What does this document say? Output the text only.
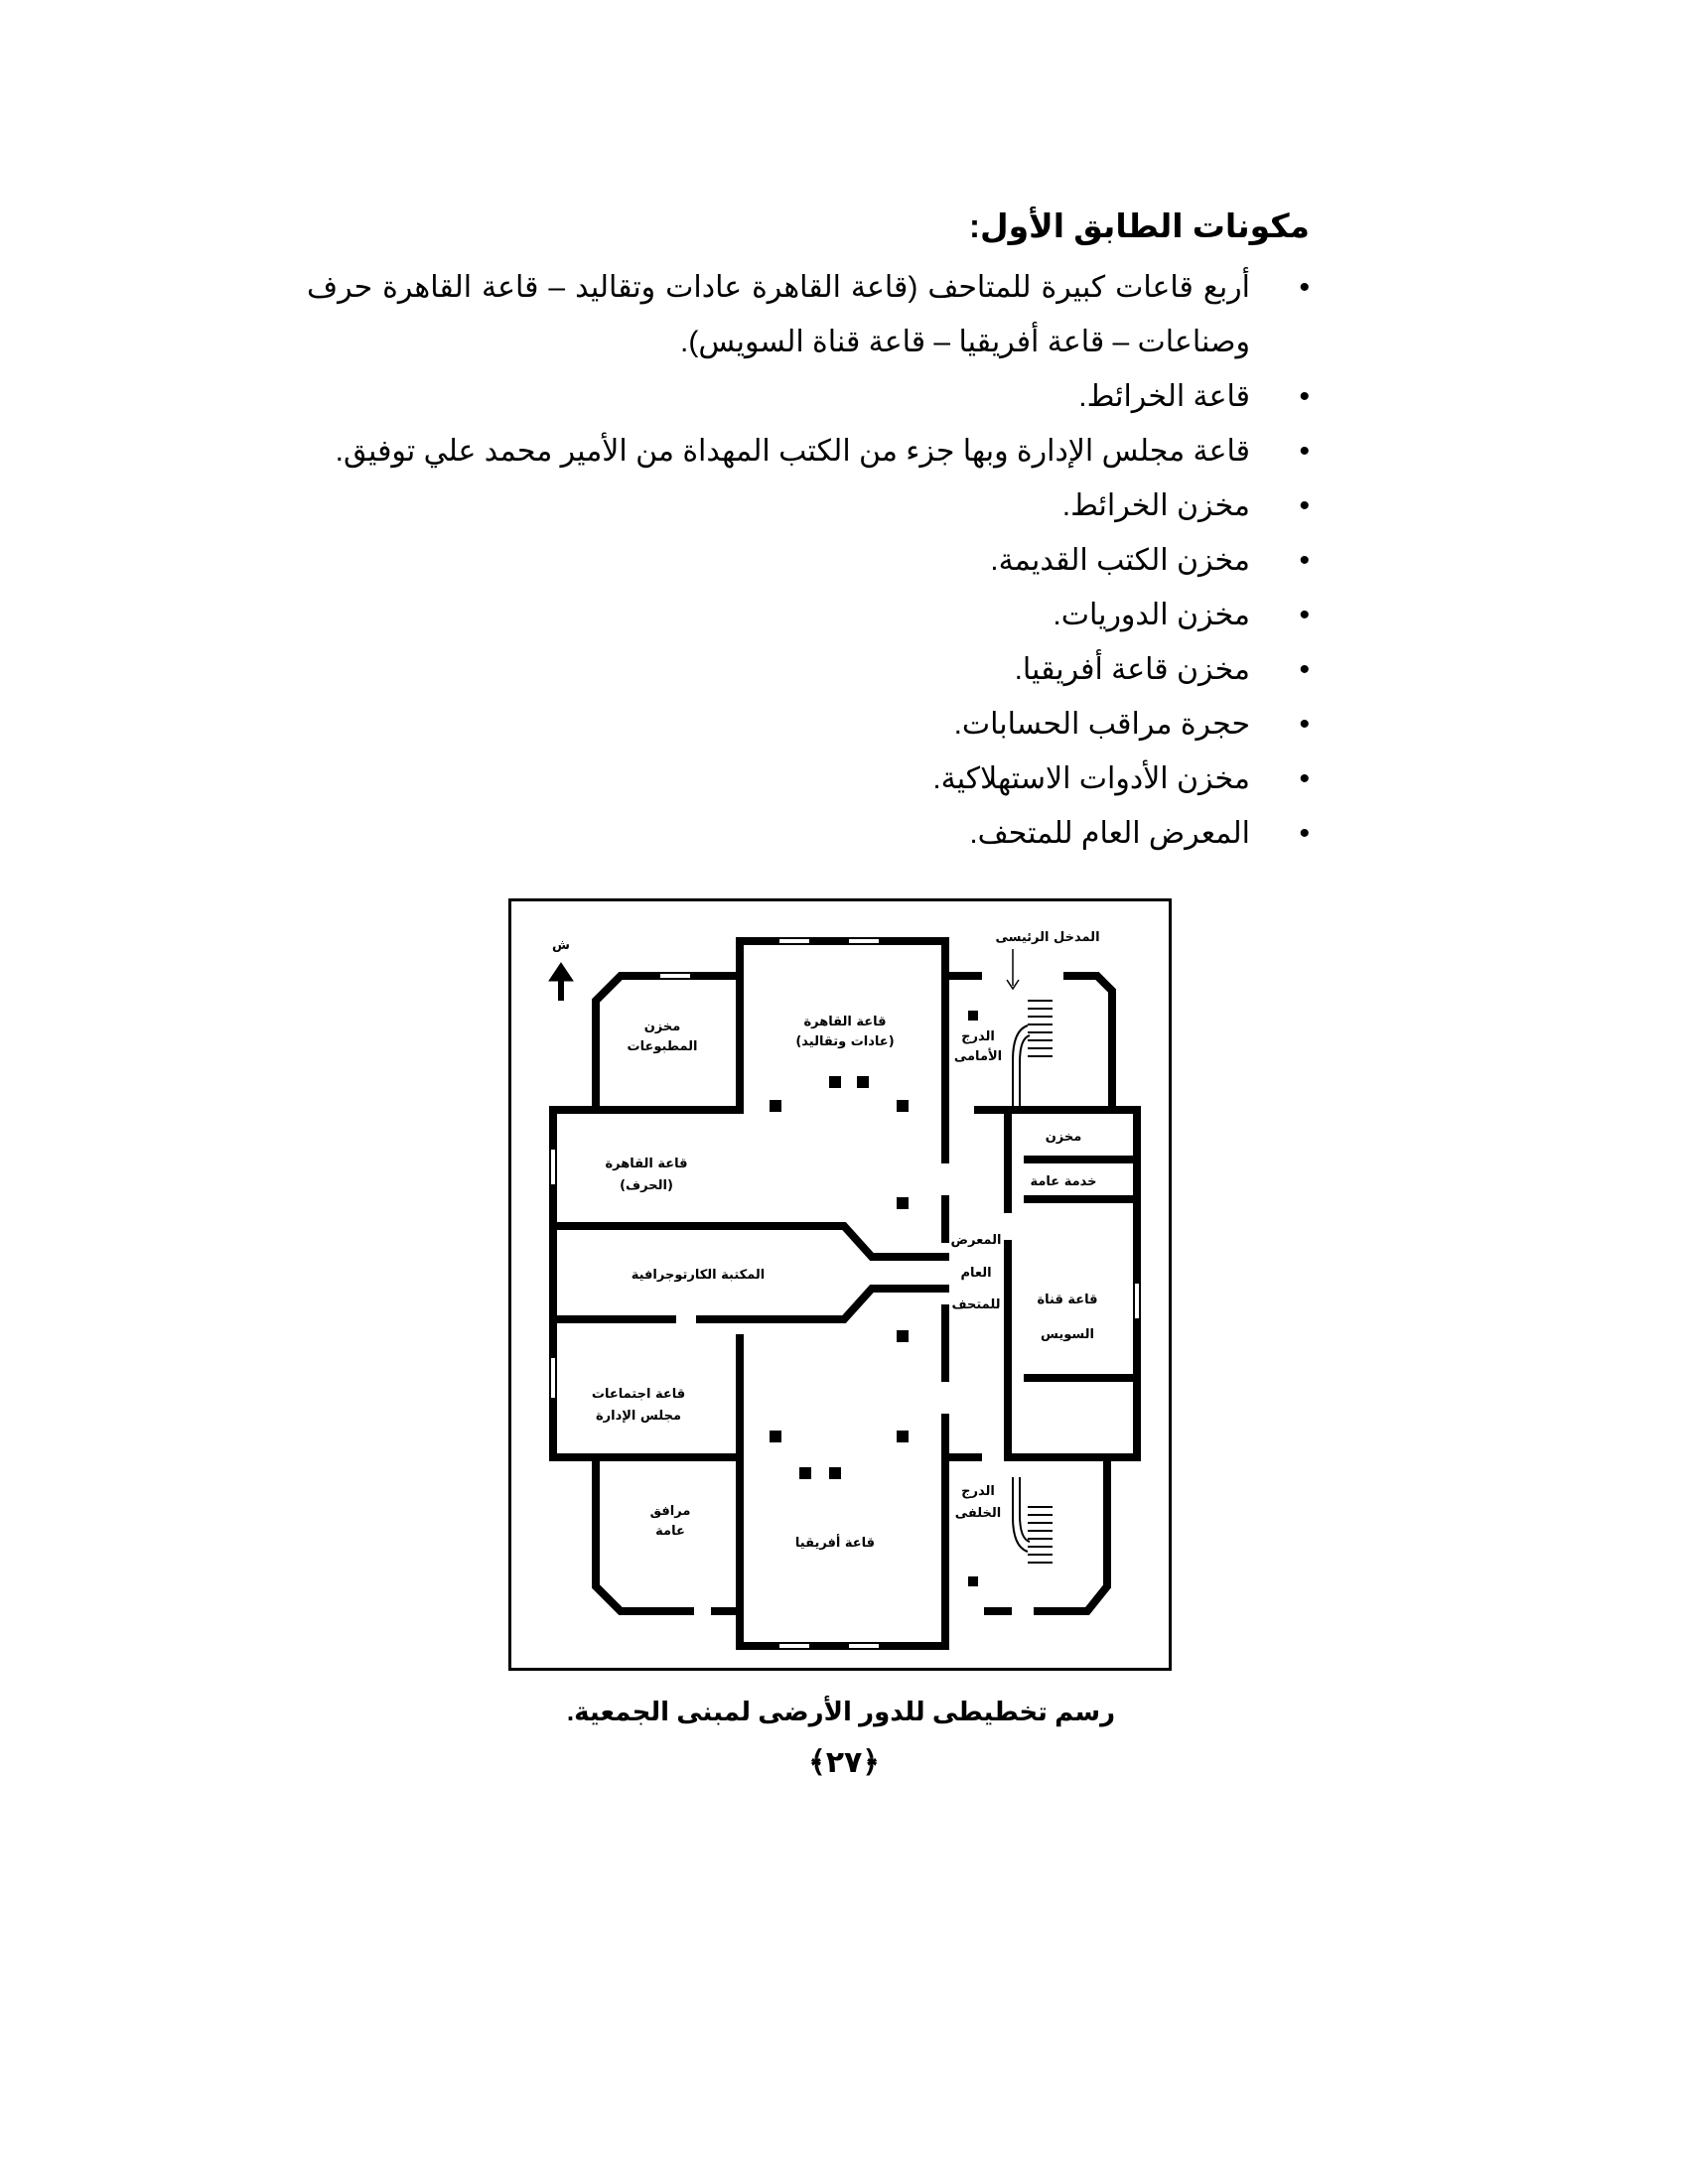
مكونات الطابق الأول:
• أربع قاعات كبيرة للمتاحف (قاعة القاهرة عادات وتقاليد – قاعة القاهرة حرف وصناعات – قاعة أفريقيا – قاعة قناة السويس).
• قاعة الخرائط.
• قاعة مجلس الإدارة وبها جزء من الكتب المهداة من الأمير محمد علي توفيق.
• مخزن الخرائط.
• مخزن الكتب القديمة.
• مخزن الدوريات.
• مخزن قاعة أفريقيا.
• حجرة مراقب الحسابات.
• مخزن الأدوات الاستهلاكية.
• المعرض العام للمتحف.
ش
المدخل الرئيسى
مخزن
المطبوعات
قاعة القاهرة
(عادات وتقاليد)	الدرج
الأمامى
مخزن
خدمة عامة
قاعة القاهرة
(الحرف)
المعرض
العام
للمتحف
المكتبة الكارتوجرافية
قاعة قناة
السويس
قاعة اجتماعات
مجلس الإدارة
مرافق
عامة
الدرج
الخلفى
قاعة أفريقيا
رسم تخطيطى للدور الأرضى لمبنى الجمعية.
﴿٢٧﴾
